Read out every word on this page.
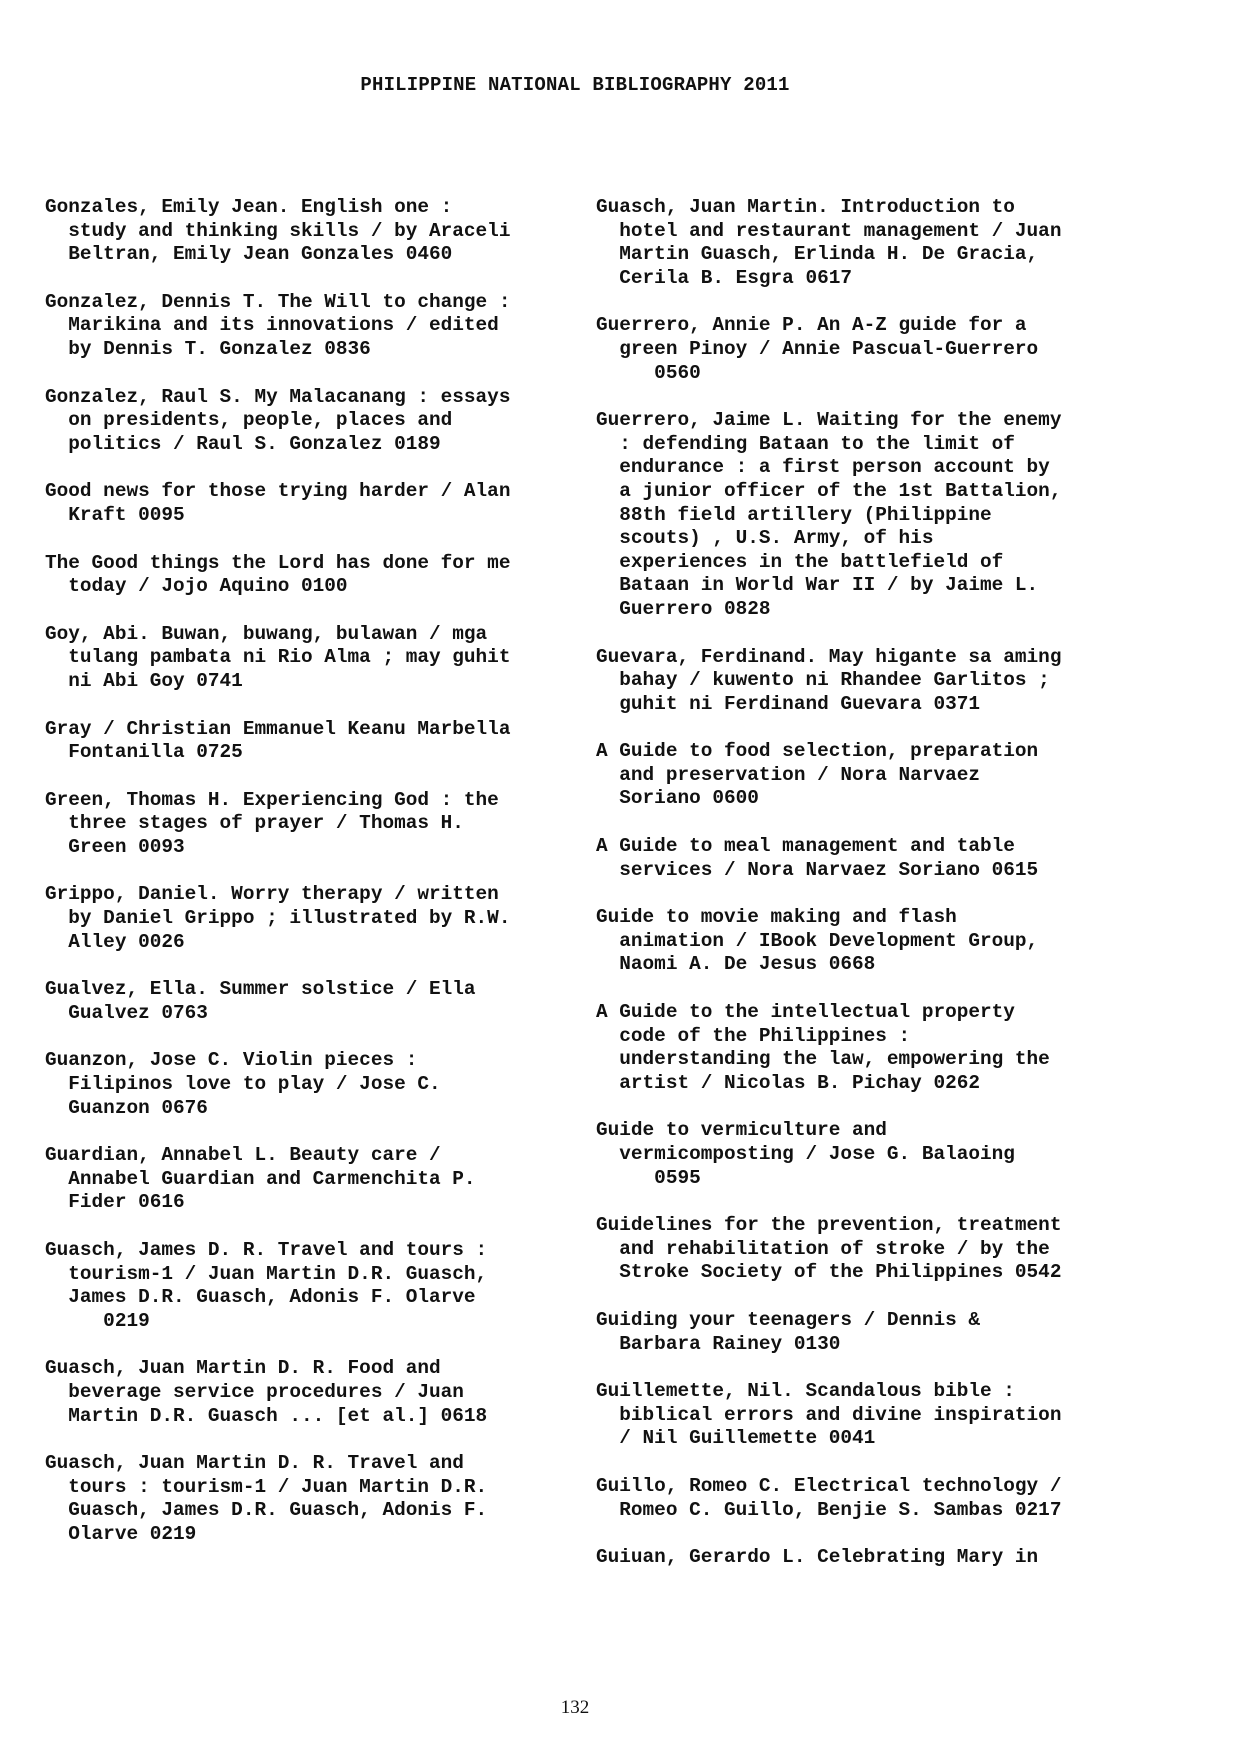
PHILIPPINE NATIONAL BIBLIOGRAPHY 2011

Gonzales, Emily Jean. English one :
study and thinking skills / by Araceli
Beltran, Emily Jean Gonzales 0460

Gonzalez, Dennis T. The Will to change :
Marikina and its innovations / edited
by Dennis T. Gonzalez 0836

Gonzalez, Raul S. My Malacanang : essays
on presidents, people, places and
politics / Raul S. Gonzalez 0189

Good news for those trying harder / Alan
Kraft 0095

The Good things the Lord has done for me
today / Jojo Aquino 0100

Goy, Abi. Buwan, buwang, bulawan / mga
tulang pambata ni Rio Alma ; may guhit
ni Abi Goy 0741

Gray / Christian Emmanuel Keanu Marbella
Fontanilla 0725

Green, Thomas H. Experiencing God : the
three stages of prayer / Thomas H.
Green 0093

Grippo, Daniel. Worry therapy / written
by Daniel Grippo ; illustrated by R.W.
Alley 0026

Gualvez, Ella. Summer solstice / Ella
Gualvez 0763

Guanzon, Jose C. Violin pieces :
Filipinos love to play / Jose C.
Guanzon 0676

Guardian, Annabel L. Beauty care /
Annabel Guardian and Carmenchita P.
Fider 0616

Guasch, James D. R. Travel and tours :
tourism-1 / Juan Martin D.R. Guasch,
James D.R. Guasch, Adonis F. Olarve
0219

Guasch, Juan Martin D. R. Food and
beverage service procedures / Juan
Martin D.R. Guasch ... [et al.] 0618

Guasch, Juan Martin D. R. Travel and
tours : tourism-1 / Juan Martin D.R.
Guasch, James D.R. Guasch, Adonis F.
Olarve 0219

Guasch, Juan Martin. Introduction to
hotel and restaurant management / Juan
Martin Guasch, Erlinda H. De Gracia,
Cerila B. Esgra 0617

Guerrero, Annie P. An A-Z guide for a
green Pinoy / Annie Pascual-Guerrero
0560

Guerrero, Jaime L. Waiting for the enemy
: defending Bataan to the limit of
endurance : a first person account by
a junior officer of the 1st Battalion,
88th field artillery (Philippine
scouts) , U.S. Army, of his
experiences in the battlefield of
Bataan in World War II / by Jaime L.
Guerrero 0828

Guevara, Ferdinand. May higante sa aming
bahay / kuwento ni Rhandee Garlitos ;
guhit ni Ferdinand Guevara 0371

A Guide to food selection, preparation
and preservation / Nora Narvaez
Soriano 0600

A Guide to meal management and table
services / Nora Narvaez Soriano 0615

Guide to movie making and flash
animation / IBook Development Group,
Naomi A. De Jesus 0668

A Guide to the intellectual property
code of the Philippines :
understanding the law, empowering the
artist / Nicolas B. Pichay 0262

Guide to vermiculture and
vermicomposting / Jose G. Balaoing
0595

Guidelines for the prevention, treatment
and rehabilitation of stroke / by the
Stroke Society of the Philippines 0542

Guiding your teenagers / Dennis &
Barbara Rainey 0130

Guillemette, Nil. Scandalous bible :
biblical errors and divine inspiration
/ Nil Guillemette 0041

Guillo, Romeo C. Electrical technology /
Romeo C. Guillo, Benjie S. Sambas 0217

Guiuan, Gerardo L. Celebrating Mary in

132
